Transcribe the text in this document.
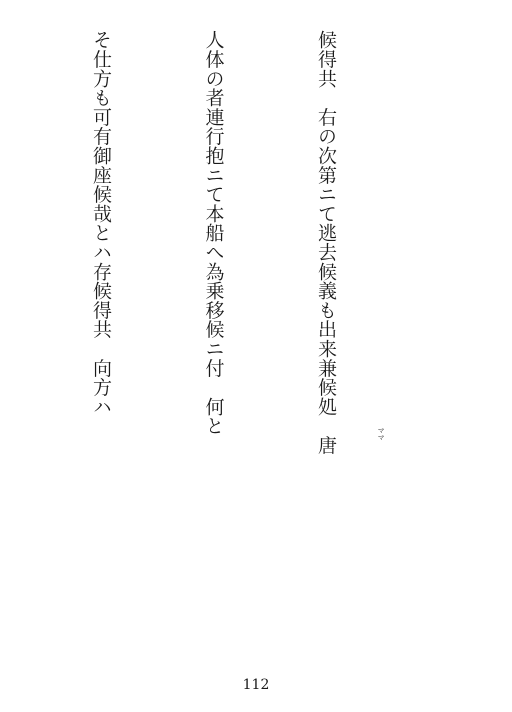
候得共　右の次第ニて逃去候義も出来兼候処　唐

人体の者連行抱ニて本船へ為乗移候ニ付　何と

そ仕方も可有御座候哉とハ存候得共　向方ハ

ママ
112
